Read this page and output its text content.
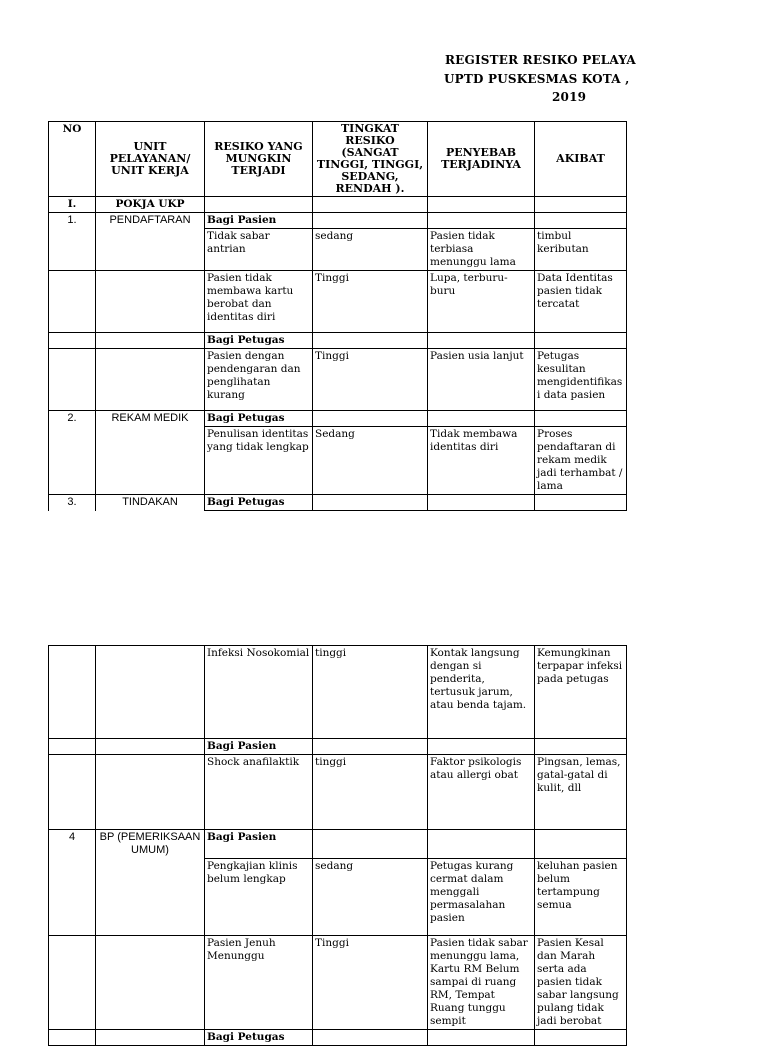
REGISTER RESIKO PELAYA
UPTD PUSKESMAS KOTA ,
2019
NO	UNIT PELAYANAN/ UNIT KERJA	RESIKO YANG MUNGKIN TERJADI	TINGKAT RESIKO (SANGAT TINGGI, TINGGI, SEDANG, RENDAH ).	PENYEBAB TERJADINYA	AKIBAT
I.	POKJA UKP				
1.	PENDAFTARAN	Bagi Pasien			
		Tidak sabar antrian	sedang	Pasien tidak terbiasa menunggu lama	timbul keributan
		Pasien tidak membawa kartu berobat dan identitas diri	Tinggi	Lupa, terburu-buru	Data Identitas pasien tidak tercatat
		Bagi Petugas			
		Pasien dengan pendengaran dan penglihatan kurang	Tinggi	Pasien usia lanjut	Petugas kesulitan mengidentifikasi data pasien
2.	REKAM MEDIK	Bagi Petugas			
		Penulisan identitas yang tidak lengkap	Sedang	Tidak membawa identitas diri	Proses pendaftaran di rekam medik jadi terhambat / lama
3.	TINDAKAN	Bagi Petugas			
		Infeksi Nosokomial	tinggi	Kontak langsung dengan si penderita, tertusuk jarum, atau benda tajam.	Kemungkinan terpapar infeksi pada petugas
		Bagi Pasien			
		Shock anafilaktik	tinggi	Faktor psikologis atau allergi obat	Pingsan, lemas, gatal-gatal di kulit, dll
4	BP (PEMERIKSAAN UMUM)	Bagi Pasien			
		Pengkajian klinis belum lengkap	sedang	Petugas kurang cermat dalam menggali permasalahan pasien	keluhan pasien belum tertampung semua
		Pasien Jenuh Menunggu	Tinggi	Pasien tidak sabar menunggu lama, Kartu RM Belum sampai di ruang RM, Tempat Ruang tunggu sempit	Pasien Kesal dan Marah serta ada pasien tidak sabar langsung pulang tidak jadi berobat
		Bagi Petugas			
